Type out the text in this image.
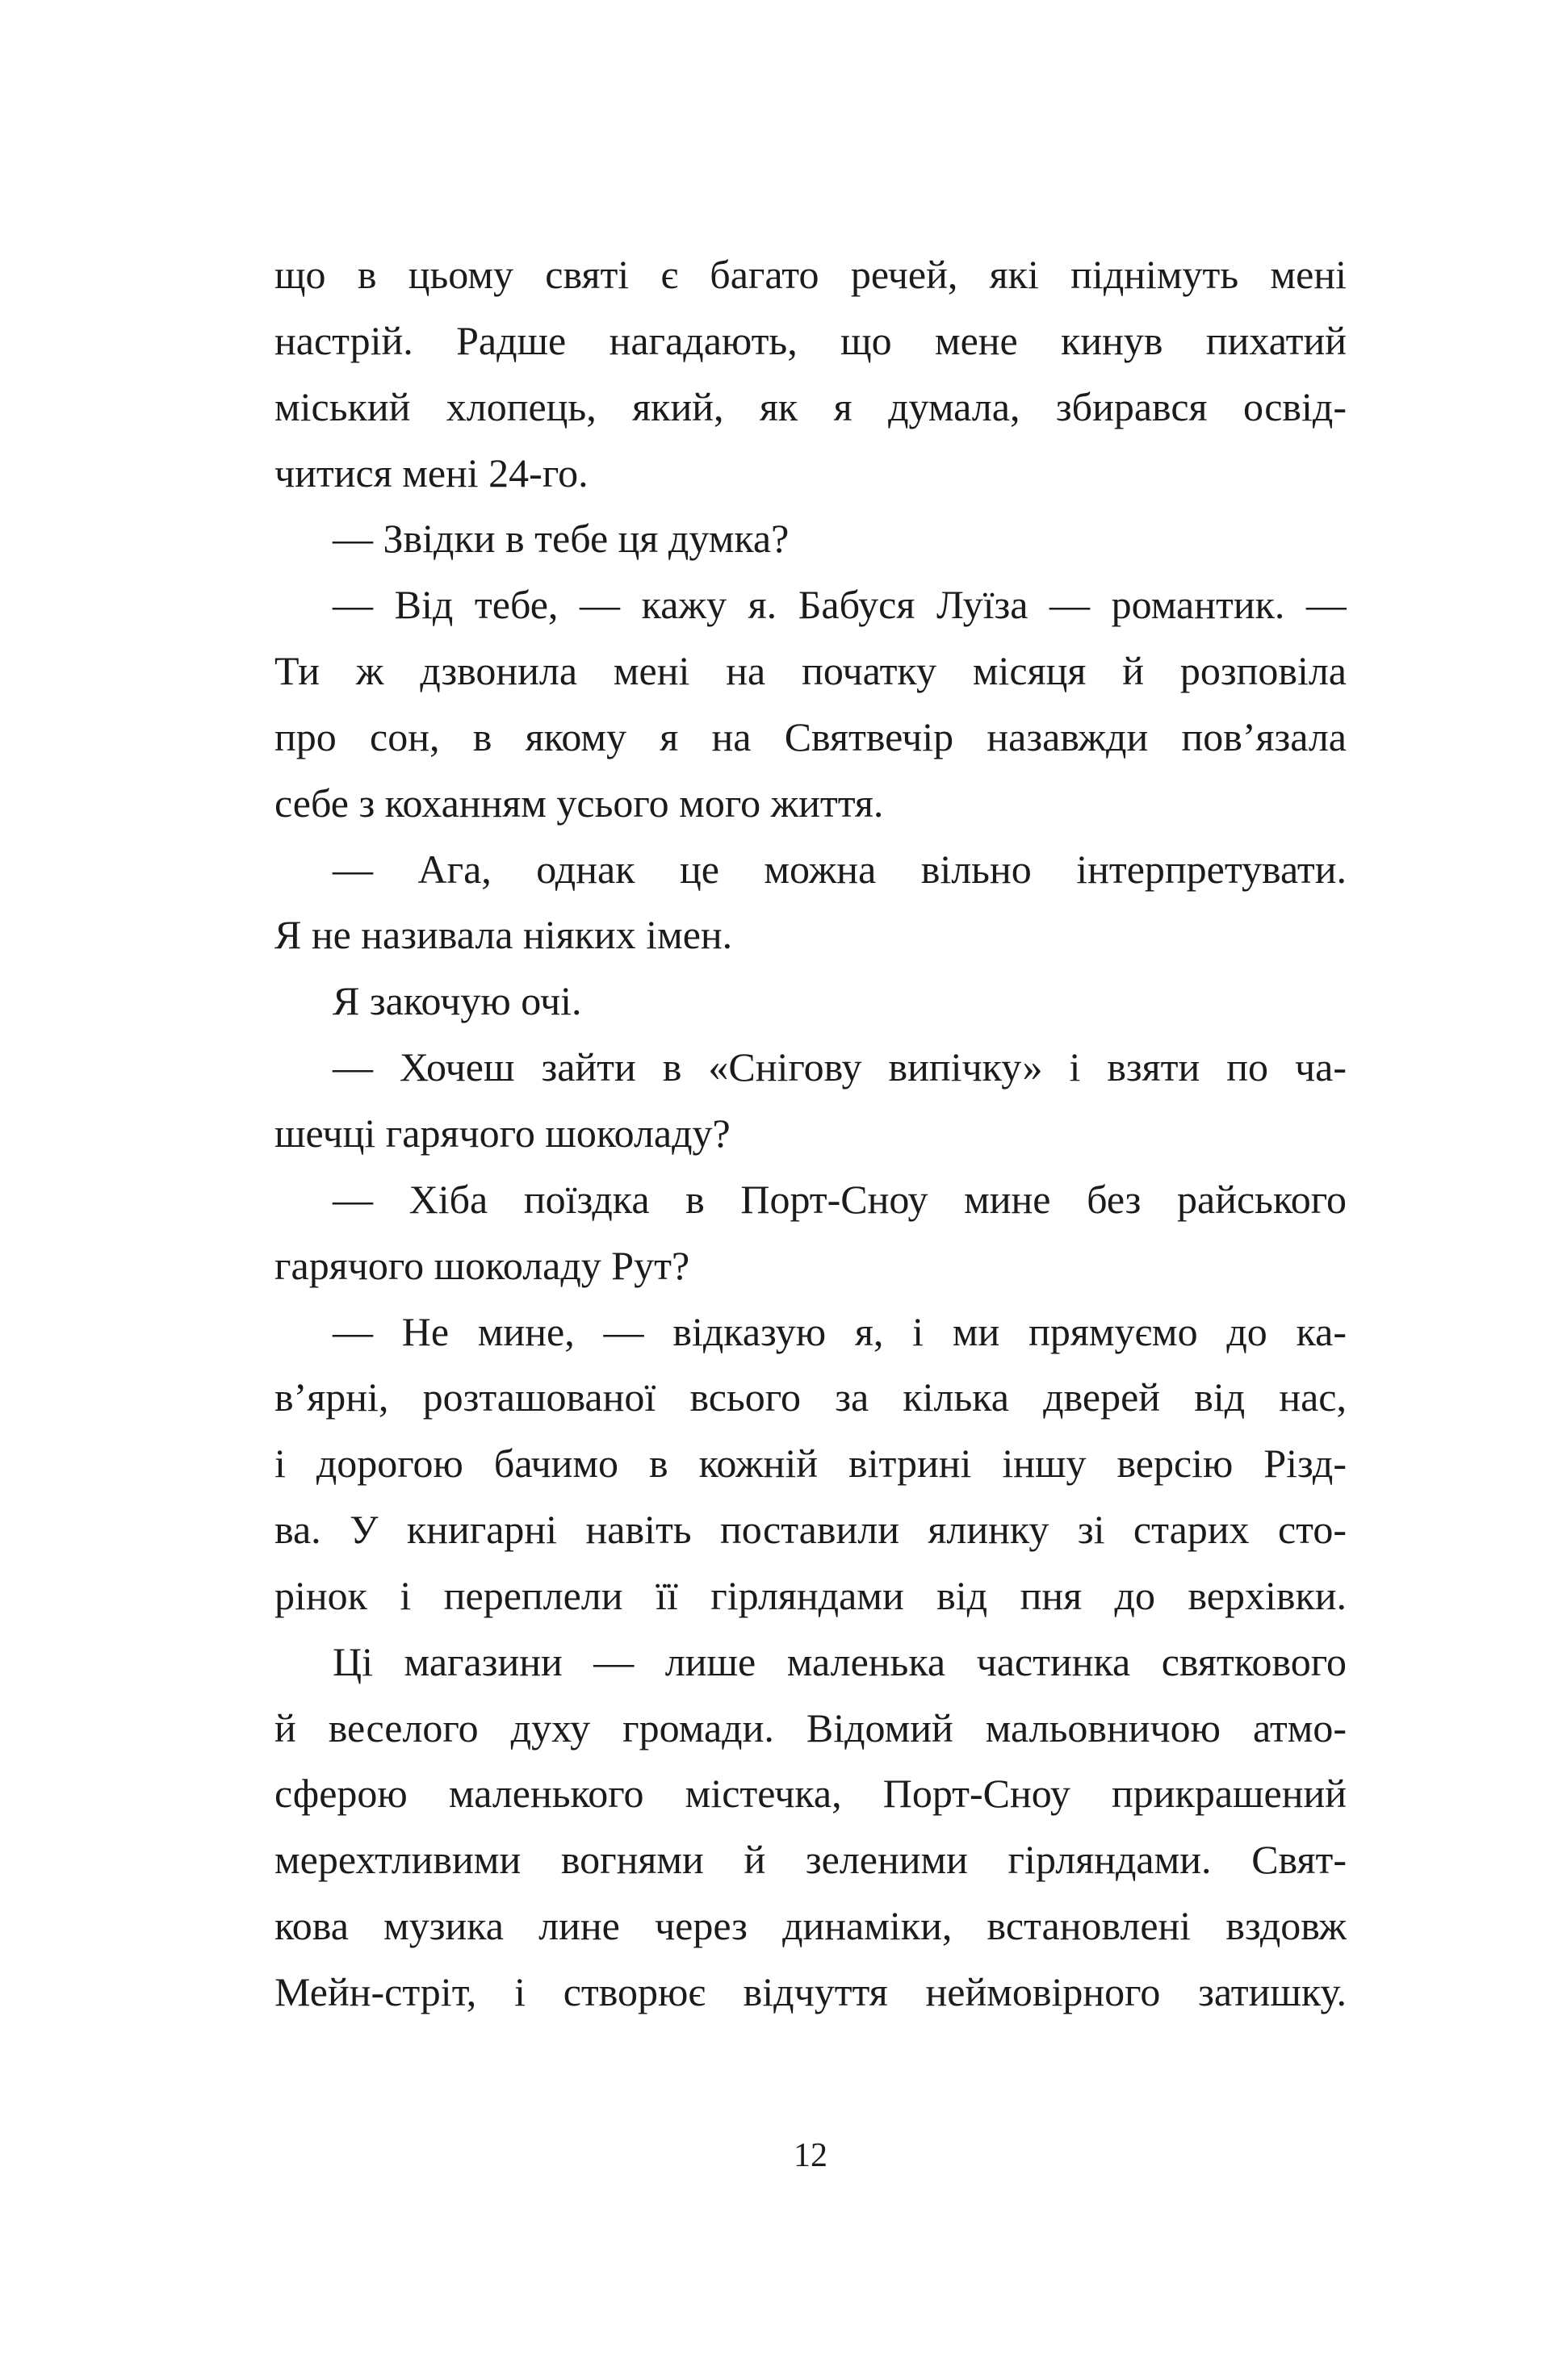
що в цьому святі є багато речей, які піднімуть мені
настрій. Радше нагадають, що мене кинув пихатий
міський хлопець, який, як я думала, збирався освід-
читися мені 24-го.
— Звідки в тебе ця думка?
— Від тебе, — кажу я. Бабуся Луїза — романтик. —
Ти ж дзвонила мені на початку місяця й розповіла
про сон, в якому я на Святвечір назавжди пов’язала
себе з коханням усього мого життя.
— Ага, однак це можна вільно інтерпретувати.
Я не називала ніяких імен.
Я закочую очі.
— Хочеш зайти в «Снігову випічку» і взяти по ча-
шечці гарячого шоколаду?
— Хіба поїздка в Порт-Сноу мине без райського
гарячого шоколаду Рут?
— Не мине, — відказую я, і ми прямуємо до ка-
в’ярні, розташованої всього за кілька дверей від нас,
і дорогою бачимо в кожній вітрині іншу версію Різд-
ва. У книгарні навіть поставили ялинку зі старих сто-
рінок і переплели її гірляндами від пня до верхівки.
Ці магазини — лише маленька частинка святкового
й веселого духу громади. Відомий мальовничою атмо-
сферою маленького містечка, Порт-Сноу прикрашений
мерехтливими вогнями й зеленими гірляндами. Свят-
кова музика лине через динаміки, встановлені вздовж
Мейн-стріт, і створює відчуття неймовірного затишку.
12
